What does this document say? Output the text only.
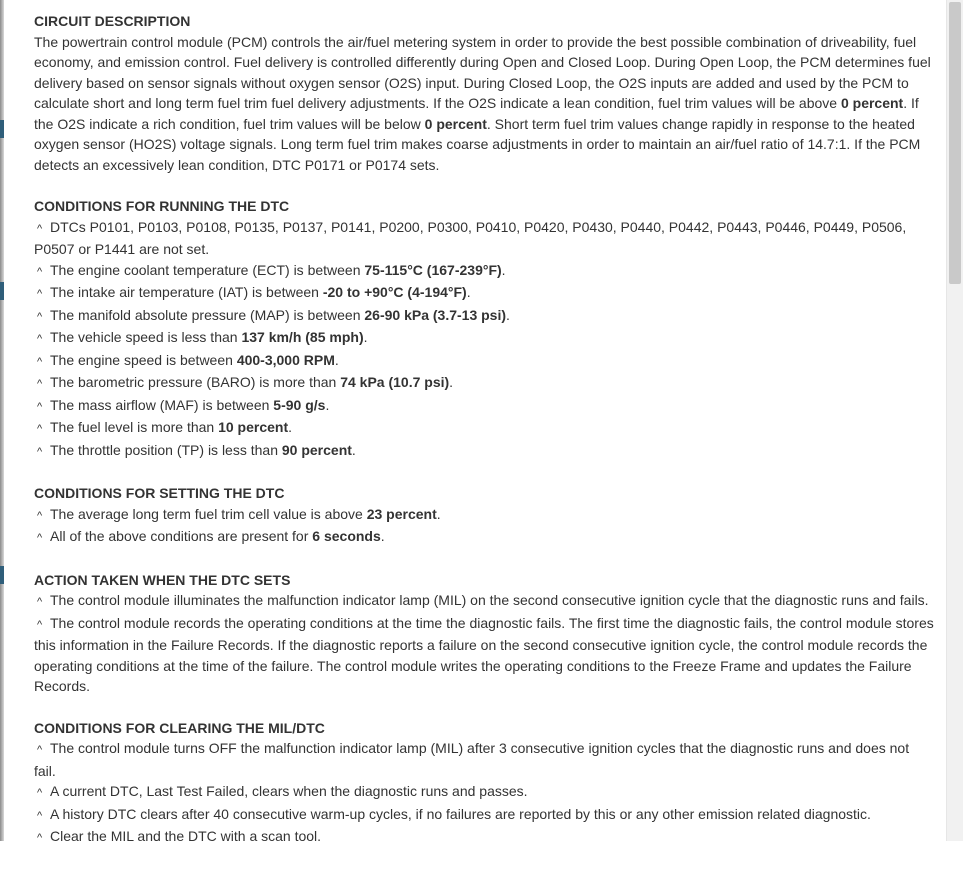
CIRCUIT DESCRIPTION

The powertrain control module (PCM) controls the air/fuel metering system in order to provide the best possible combination of driveability, fuel economy, and emission control. Fuel delivery is controlled differently during Open and Closed Loop. During Open Loop, the PCM determines fuel delivery based on sensor signals without oxygen sensor (O2S) input. During Closed Loop, the O2S inputs are added and used by the PCM to calculate short and long term fuel trim fuel delivery adjustments. If the O2S indicate a lean condition, fuel trim values will be above 0 percent. If the O2S indicate a rich condition, fuel trim values will be below 0 percent. Short term fuel trim values change rapidly in response to the heated oxygen sensor (HO2S) voltage signals. Long term fuel trim makes coarse adjustments in order to maintain an air/fuel ratio of 14.7:1. If the PCM detects an excessively lean condition, DTC P0171 or P0174 sets.

CONDITIONS FOR RUNNING THE DTC
^ DTCs P0101, P0103, P0108, P0135, P0137, P0141, P0200, P0300, P0410, P0420, P0430, P0440, P0442, P0443, P0446, P0449, P0506, P0507 or P1441 are not set.
^ The engine coolant temperature (ECT) is between 75-115°C (167-239°F).
^ The intake air temperature (IAT) is between -20 to +90°C (4-194°F).
^ The manifold absolute pressure (MAP) is between 26-90 kPa (3.7-13 psi).
^ The vehicle speed is less than 137 km/h (85 mph).
^ The engine speed is between 400-3,000 RPM.
^ The barometric pressure (BARO) is more than 74 kPa (10.7 psi).
^ The mass airflow (MAF) is between 5-90 g/s.
^ The fuel level is more than 10 percent.
^ The throttle position (TP) is less than 90 percent.
CONDITIONS FOR SETTING THE DTC
^ The average long term fuel trim cell value is above 23 percent.
^ All of the above conditions are present for 6 seconds.
ACTION TAKEN WHEN THE DTC SETS
^ The control module illuminates the malfunction indicator lamp (MIL) on the second consecutive ignition cycle that the diagnostic runs and fails.
^ The control module records the operating conditions at the time the diagnostic fails. The first time the diagnostic fails, the control module stores this information in the Failure Records. If the diagnostic reports a failure on the second consecutive ignition cycle, the control module records the operating conditions at the time of the failure. The control module writes the operating conditions to the Freeze Frame and updates the Failure Records.
CONDITIONS FOR CLEARING THE MIL/DTC
^ The control module turns OFF the malfunction indicator lamp (MIL) after 3 consecutive ignition cycles that the diagnostic runs and does not fail.
^ A current DTC, Last Test Failed, clears when the diagnostic runs and passes.
^ A history DTC clears after 40 consecutive warm-up cycles, if no failures are reported by this or any other emission related diagnostic.
^ Clear the MIL and the DTC with a scan tool.
